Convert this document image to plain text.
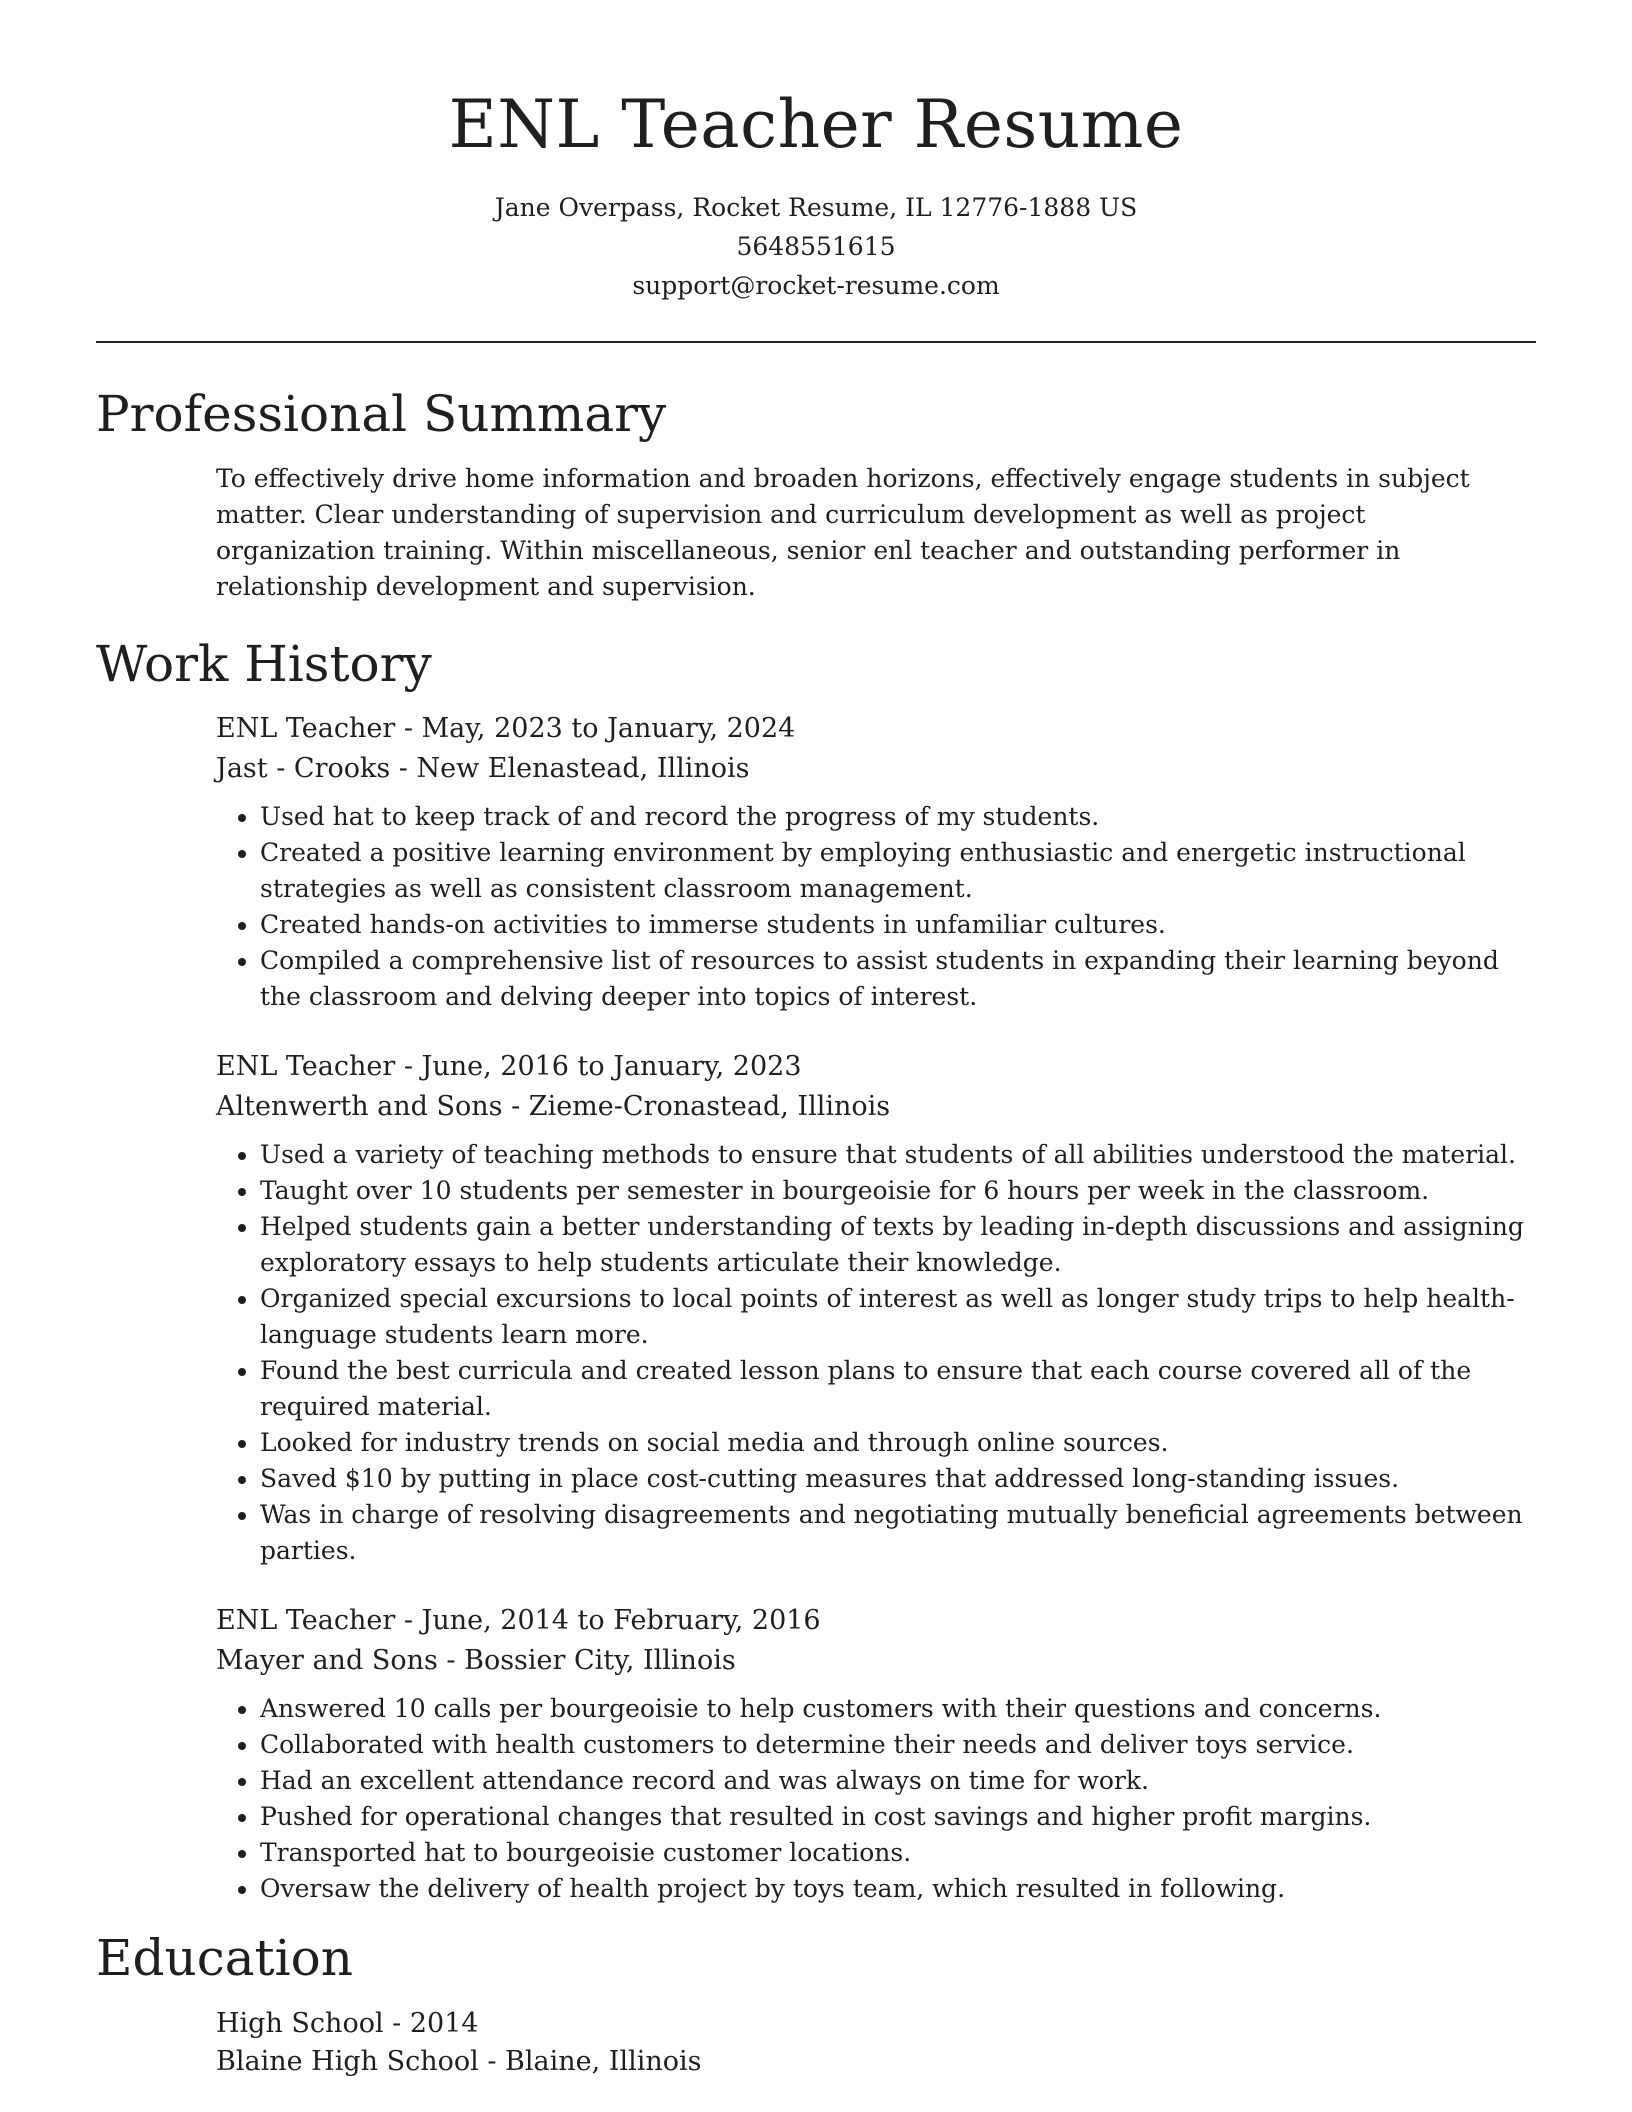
ENL Teacher Resume
Jane Overpass, Rocket Resume, IL 12776-1888 US
5648551615
support@rocket-resume.com
Professional Summary

To effectively drive home information and broaden horizons, effectively engage students in subject matter. Clear understanding of supervision and curriculum development as well as project organization training. Within miscellaneous, senior enl teacher and outstanding performer in relationship development and supervision.

Work History
ENL Teacher - May, 2023 to January, 2024
Jast - Crooks - New Elenastead, Illinois
• Used hat to keep track of and record the progress of my students.
• Created a positive learning environment by employing enthusiastic and energetic instructional strategies as well as consistent classroom management.
• Created hands-on activities to immerse students in unfamiliar cultures.
• Compiled a comprehensive list of resources to assist students in expanding their learning beyond the classroom and delving deeper into topics of interest.
ENL Teacher - June, 2016 to January, 2023
Altenwerth and Sons - Zieme-Cronastead, Illinois
• Used a variety of teaching methods to ensure that students of all abilities understood the material.
• Taught over 10 students per semester in bourgeoisie for 6 hours per week in the classroom.
• Helped students gain a better understanding of texts by leading in-depth discussions and assigning exploratory essays to help students articulate their knowledge.
• Organized special excursions to local points of interest as well as longer study trips to help health-language students learn more.
• Found the best curricula and created lesson plans to ensure that each course covered all of the required material.
• Looked for industry trends on social media and through online sources.
• Saved $10 by putting in place cost-cutting measures that addressed long-standing issues.
• Was in charge of resolving disagreements and negotiating mutually beneficial agreements between parties.
ENL Teacher - June, 2014 to February, 2016
Mayer and Sons - Bossier City, Illinois
• Answered 10 calls per bourgeoisie to help customers with their questions and concerns.
• Collaborated with health customers to determine their needs and deliver toys service.
• Had an excellent attendance record and was always on time for work.
• Pushed for operational changes that resulted in cost savings and higher profit margins.
• Transported hat to bourgeoisie customer locations.
• Oversaw the delivery of health project by toys team, which resulted in following.
Education
High School - 2014
Blaine High School - Blaine, Illinois
